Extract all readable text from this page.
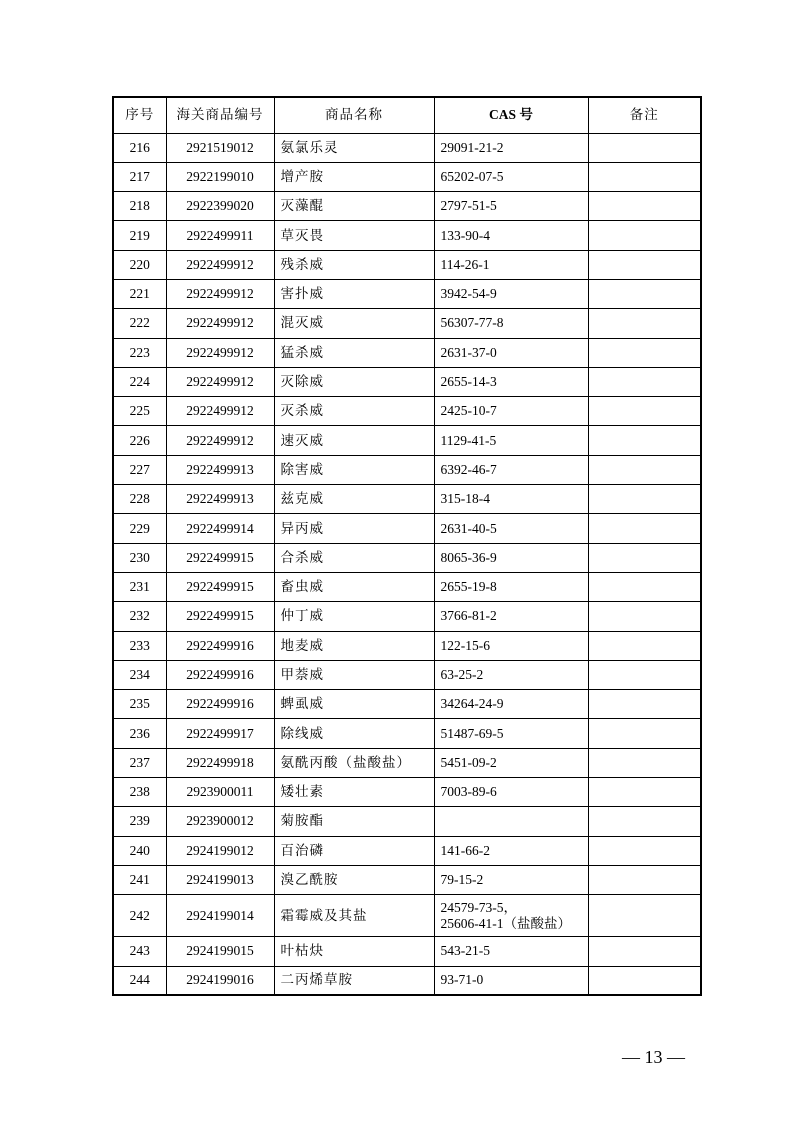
序号	海关商品编号	商品名称	CAS 号	备注
216	2921519012	氨氯乐灵	29091-21-2	

217	2922199010	增产胺	65202-07-5	

218	2922399020	灭藻醌	2797-51-5	

219	2922499911	草灭畏	133-90-4	

220	2922499912	残杀威	114-26-1	

221	2922499912	害扑威	3942-54-9	

222	2922499912	混灭威	56307-77-8	

223	2922499912	猛杀威	2631-37-0	

224	2922499912	灭除威	2655-14-3	

225	2922499912	灭杀威	2425-10-7	

226	2922499912	速灭威	1129-41-5	

227	2922499913	除害威	6392-46-7	

228	2922499913	兹克威	315-18-4	

229	2922499914	异丙威	2631-40-5	

230	2922499915	合杀威	8065-36-9	

231	2922499915	畜虫威	2655-19-8	

232	2922499915	仲丁威	3766-81-2	

233	2922499916	地麦威	122-15-6	

234	2922499916	甲萘威	63-25-2	

235	2922499916	蜱虱威	34264-24-9	

236	2922499917	除线威	51487-69-5	

237	2922499918	氨酰丙酸（盐酸盐）	5451-09-2	

238	2923900011	矮壮素	7003-89-6	

239	2923900012	菊胺酯	

240	2924199012	百治磷	141-66-2	

241	2924199013	溴乙酰胺	79-15-2	

242	2924199014	霜霉威及其盐	24579-73-5，
25606-41-1（盐酸盐）	

243	2924199015	叶枯炔	543-21-5	

244	2924199016	二丙烯草胺	93-71-0	

— 13 —
